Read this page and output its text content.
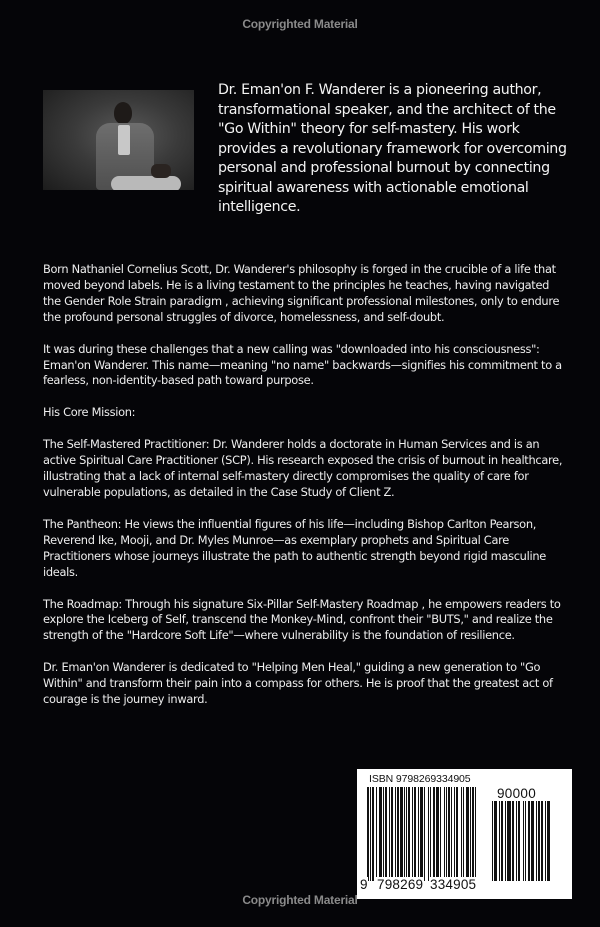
Copyrighted Material
Dr. Eman'on F. Wanderer is a pioneering author, transformational speaker, and the architect of the "Go Within" theory for self-mastery. His work provides a revolutionary framework for overcoming personal and professional burnout by connecting spiritual awareness with actionable emotional intelligence.

Born Nathaniel Cornelius Scott, Dr. Wanderer's philosophy is forged in the crucible of a life that moved beyond labels. He is a living testament to the principles he teaches, having navigated the Gender Role Strain paradigm , achieving significant professional milestones, only to endure the profound personal struggles of divorce, homelessness, and self-doubt.

It was during these challenges that a new calling was "downloaded into his consciousness": Eman'on Wanderer. This name—meaning "no name" backwards—signifies his commitment to a fearless, non-identity-based path toward purpose.

His Core Mission:

The Self-Mastered Practitioner: Dr. Wanderer holds a doctorate in Human Services and is an active Spiritual Care Practitioner (SCP). His research exposed the crisis of burnout in healthcare, illustrating that a lack of internal self-mastery directly compromises the quality of care for vulnerable populations, as detailed in the Case Study of Client Z.

The Pantheon: He views the influential figures of his life—including Bishop Carlton Pearson, Reverend Ike, Mooji, and Dr. Myles Munroe—as exemplary prophets and Spiritual Care Practitioners whose journeys illustrate the path to authentic strength beyond rigid masculine ideals.

The Roadmap: Through his signature Six-Pillar Self-Mastery Roadmap , he empowers readers to explore the Iceberg of Self, transcend the Monkey-Mind, confront their "BUTS," and realize the strength of the "Hardcore Soft Life"—where vulnerability is the foundation of resilience.

Dr. Eman'on Wanderer is dedicated to "Helping Men Heal," guiding a new generation to "Go Within" and transform their pain into a compass for others. He is proof that the greatest act of courage is the journey inward.

ISBN 9798269334905
9 798269 334905
90000
Copyrighted Material
